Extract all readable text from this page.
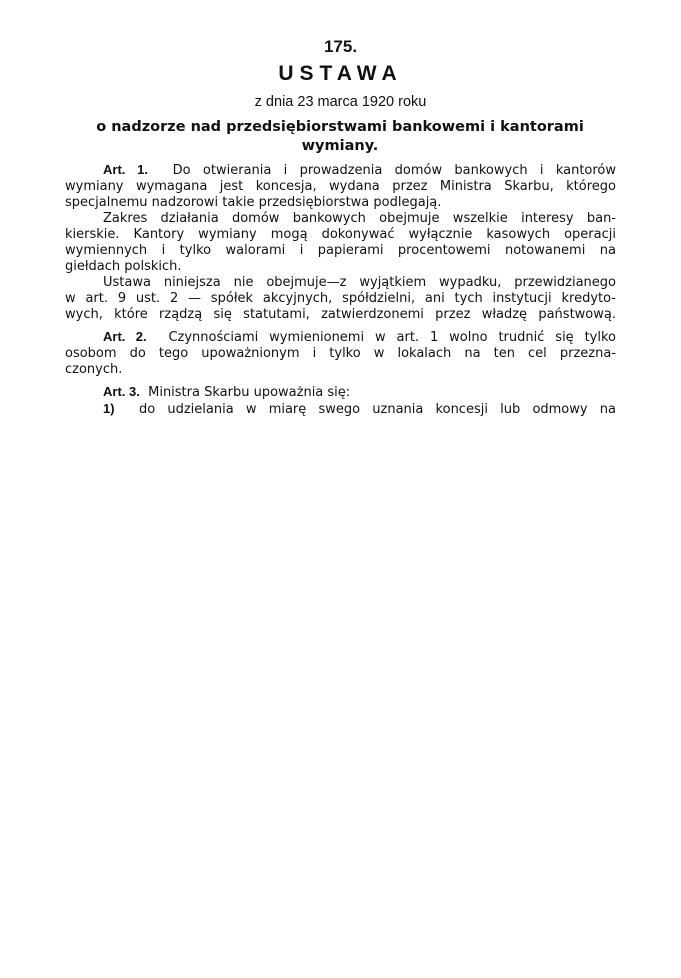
175.
USTAWA
z dnia 23 marca 1920 roku
o nadzorze nad przedsiębiorstwami bankowemi i kantorami
wymiany.
Art. 1. Do otwierania i prowadzenia domów bankowych i kantorów
wymiany wymagana jest koncesja, wydana przez Ministra Skarbu, którego
specjalnemu nadzorowi takie przedsiębiorstwa podlegają.
Zakres działania domów bankowych obejmuje wszelkie interesy ban-
kierskie. Kantory wymiany mogą dokonywać wyłącznie kasowych operacji
wymiennych i tylko walorami i papierami procentowemi notowanemi na
giełdach polskich.
Ustawa niniejsza nie obejmuje—z wyjątkiem wypadku, przewidzianego
w art. 9 ust. 2 — spółek akcyjnych, spółdzielni, ani tych instytucji kredyto-
wych, które rządzą się statutami, zatwierdzonemi przez władzę państwową.
Art. 2. Czynnościami wymienionemi w art. 1 wolno trudnić się tylko
osobom do tego upoważnionym i tylko w lokalach na ten cel przezna-
czonych.
Art. 3. Ministra Skarbu upoważnia się:
1) do udzielania w miarę swego uznania koncesji lub odmowy na
